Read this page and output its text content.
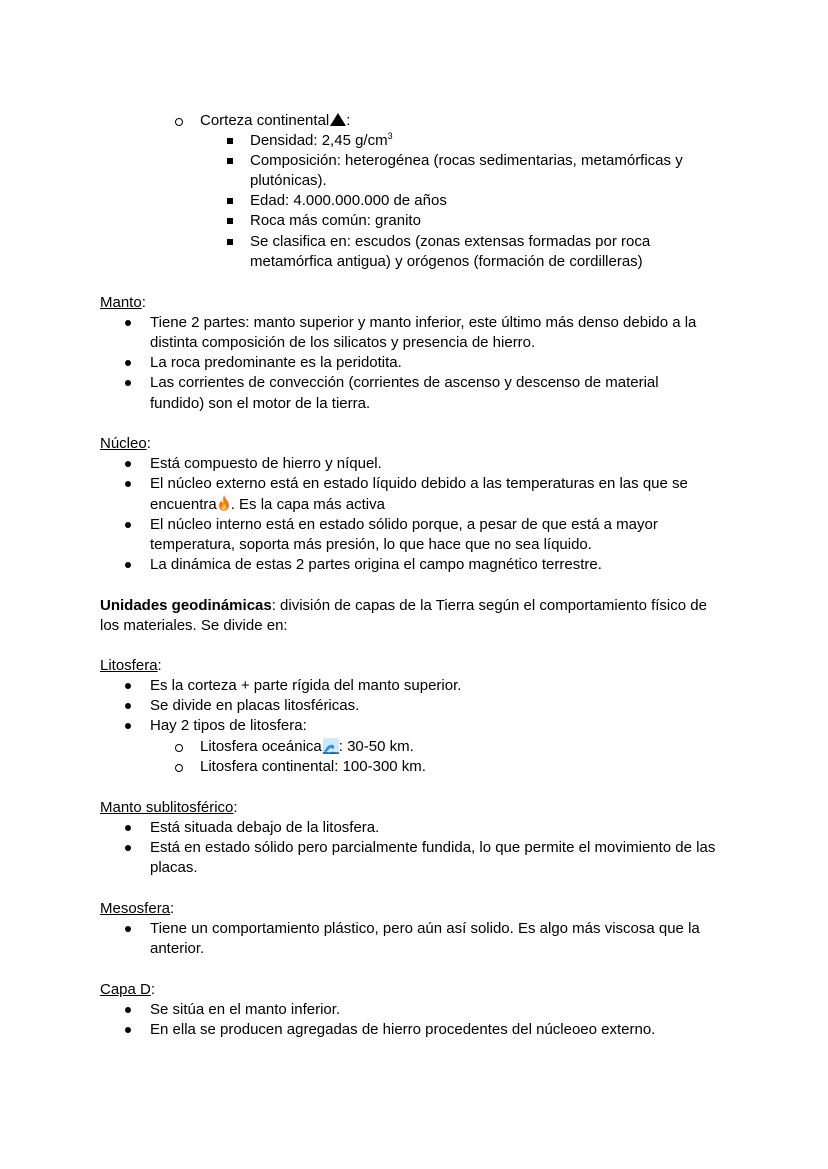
Corteza continental :
Densidad: 2,45 $g/cm^3$
Composición: heterogénea (rocas sedimentarias, metamórficas y
plutónicas).
Edad: 4.000.000.000 de años
Roca más común: granito
Se clasifica en: escudos (zonas extensas formadas por roca
metamórfica antigua) y orógenos (formación de cordilleras)
Manto:
Tiene 2 partes: manto superior y manto inferior, este último más denso debido a la
distinta composición de los silicatos y presencia de hierro.
La roca predominante es la peridotita.
Las corrientes de convección (corrientes de ascenso y descenso de material
fundido) son el motor de la tierra.
Núcleo:
Está compuesto de hierro y níquel.
El núcleo externo está en estado líquido debido a las temperaturas en las que se
encuentra . Es la capa más activa
El núcleo interno está en estado sólido porque, a pesar de que está a mayor
temperatura, soporta más presión, lo que hace que no sea líquido.
La dinámica de estas 2 partes origina el campo magnético terrestre.
Unidades geodinámicas: división de capas de la Tierra según el comportamiento físico de
los materiales. Se divide en:
Litosfera:
Es la corteza + parte rígida del manto superior.
Se divide en placas litosféricas.
Hay 2 tipos de litosfera:
Litosfera oceánica : 30-50 km.
Litosfera continental: 100-300 km.
Manto sublitosférico:
Está situada debajo de la litosfera.
Está en estado sólido pero parcialmente fundida, lo que permite el movimiento de las
placas.
Mesosfera:
Tiene un comportamiento plástico, pero aún así solido. Es algo más viscosa que la
anterior.
Capa D:
Se sitúa en el manto inferior.
En ella se producen agregadas de hierro procedentes del núcleoeo externo.
